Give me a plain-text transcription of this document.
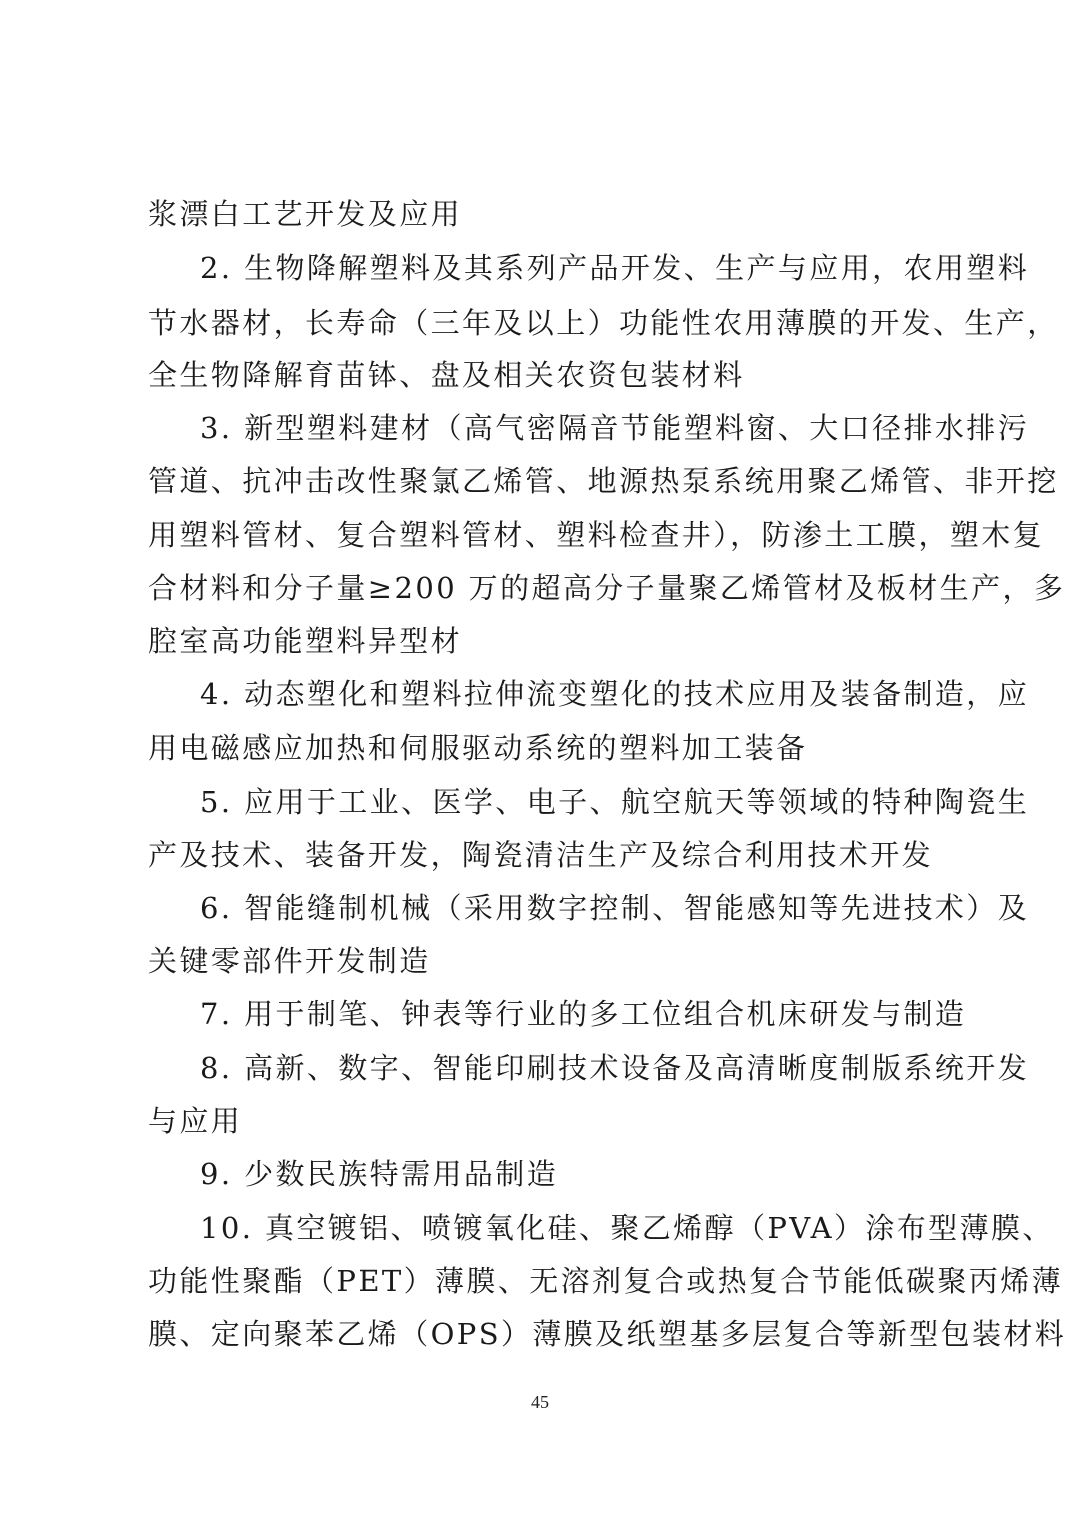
浆漂白工艺开发及应用
2. 生物降解塑料及其系列产品开发、生产与应用，农用塑料
节水器材，长寿命（三年及以上）功能性农用薄膜的开发、生产，
全生物降解育苗钵、盘及相关农资包装材料
3. 新型塑料建材（高气密隔音节能塑料窗、大口径排水排污
管道、抗冲击改性聚氯乙烯管、地源热泵系统用聚乙烯管、非开挖
用塑料管材、复合塑料管材、塑料检查井），防渗土工膜，塑木复
合材料和分子量≥200 万的超高分子量聚乙烯管材及板材生产，多
腔室高功能塑料异型材
4. 动态塑化和塑料拉伸流变塑化的技术应用及装备制造，应
用电磁感应加热和伺服驱动系统的塑料加工装备
5. 应用于工业、医学、电子、航空航天等领域的特种陶瓷生
产及技术、装备开发，陶瓷清洁生产及综合利用技术开发
6. 智能缝制机械（采用数字控制、智能感知等先进技术）及
关键零部件开发制造
7. 用于制笔、钟表等行业的多工位组合机床研发与制造
8. 高新、数字、智能印刷技术设备及高清晰度制版系统开发
与应用
9. 少数民族特需用品制造
10. 真空镀铝、喷镀氧化硅、聚乙烯醇（PVA）涂布型薄膜、
功能性聚酯（PET）薄膜、无溶剂复合或热复合节能低碳聚丙烯薄
膜、定向聚苯乙烯（OPS）薄膜及纸塑基多层复合等新型包装材料
45
